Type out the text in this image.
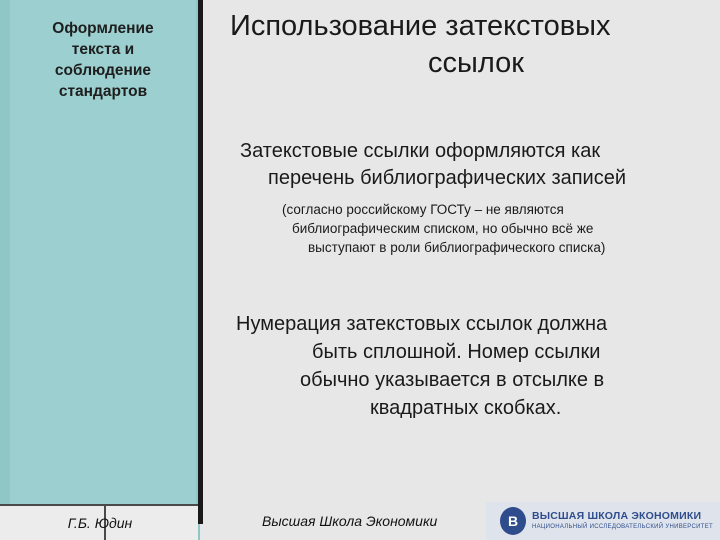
Оформление
текста и
соблюдение
стандартов
Г.Б. Юдин
Использование затекстовых
ссылок
Затекстовые ссылки оформляются как
перечень библиографических записей
(согласно российскому ГОСТу – не являются
библиографическим списком, но обычно всё же
выступают в роли библиографического списка)
Нумерация затекстовых ссылок должна
быть сплошной. Номер ссылки
обычно указывается в отсылке в
квадратных скобках.
Высшая Школа Экономики	B	ВЫСШАЯ ШКОЛА ЭКОНОМИКИ
НАЦИОНАЛЬНЫЙ ИССЛЕДОВАТЕЛЬСКИЙ УНИВЕРСИТЕТ
